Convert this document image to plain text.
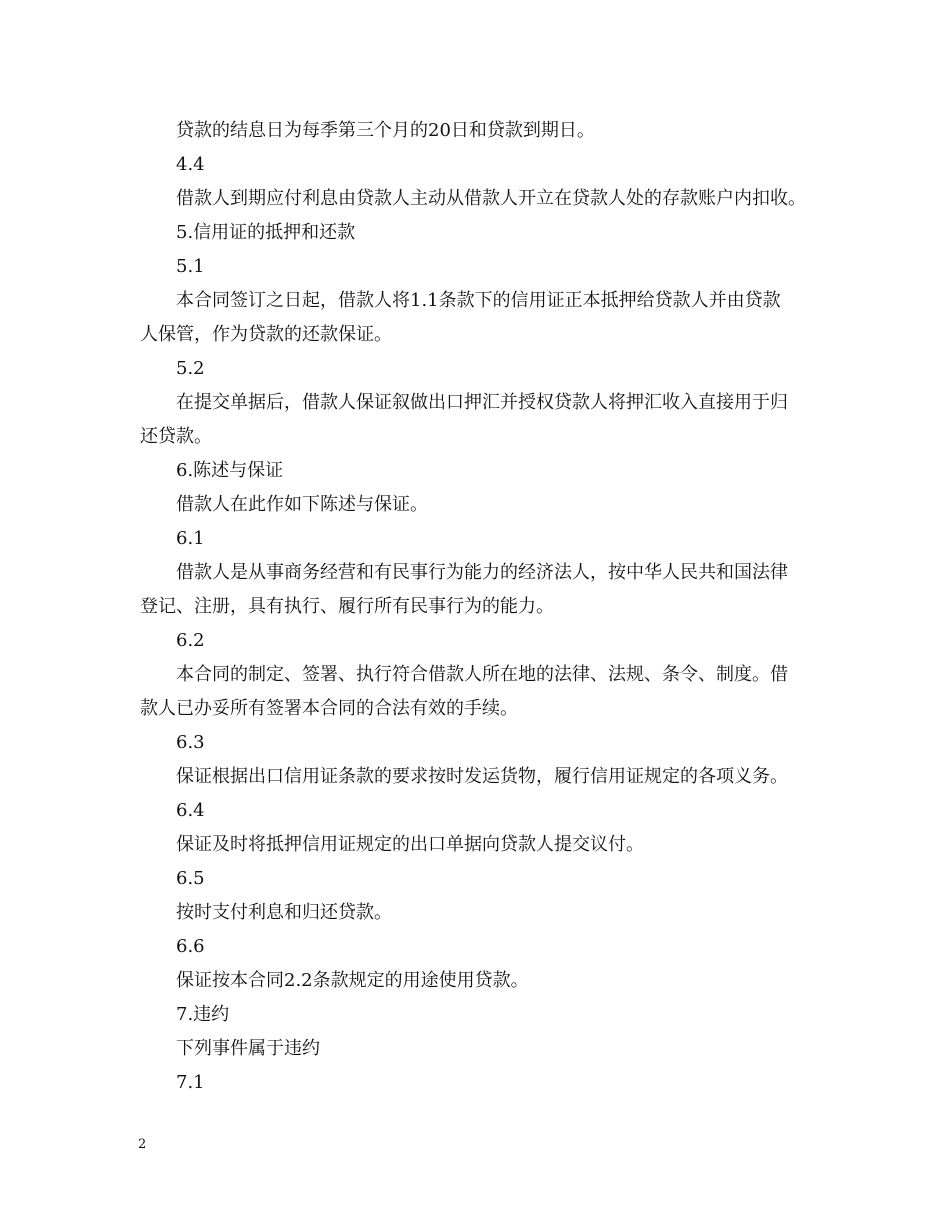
贷款的结息日为每季第三个月的20日和贷款到期日。

4.4

借款人到期应付利息由贷款人主动从借款人开立在贷款人处的存款账户内扣收。

5.信用证的抵押和还款

5.1

本合同签订之日起，借款人将1.1条款下的信用证正本抵押给贷款人并由贷款

人保管，作为贷款的还款保证。

5.2

在提交单据后，借款人保证叙做出口押汇并授权贷款人将押汇收入直接用于归

还贷款。

6.陈述与保证

借款人在此作如下陈述与保证。

6.1

借款人是从事商务经营和有民事行为能力的经济法人，按中华人民共和国法律

登记、注册，具有执行、履行所有民事行为的能力。

6.2

本合同的制定、签署、执行符合借款人所在地的法律、法规、条令、制度。借

款人已办妥所有签署本合同的合法有效的手续。

6.3

保证根据出口信用证条款的要求按时发运货物，履行信用证规定的各项义务。

6.4

保证及时将抵押信用证规定的出口单据向贷款人提交议付。

6.5

按时支付利息和归还贷款。

6.6

保证按本合同2.2条款规定的用途使用贷款。

7.违约

下列事件属于违约

7.1

2
